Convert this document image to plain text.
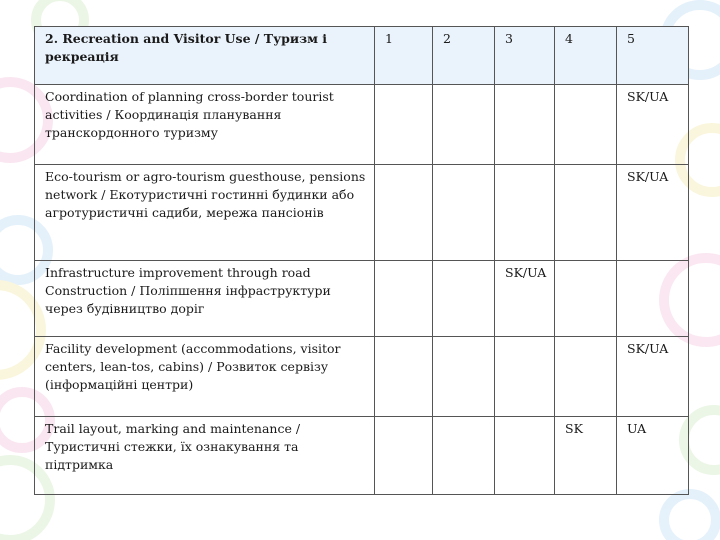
2. Recreation and Visitor Use / Туризм і рекреація	1	2	3	4	5
Coordination of planning cross-border tourist activities / Координація планування транскордонного туризму					SK/UA
Eco-tourism or agro-tourism guesthouse, pensions network / Екотуристичні гостинні будинки або агротуристичні садиби, мережа пансіонів					SK/UA
Infrastructure improvement through road Construction / Поліпшення інфраструктури через будівництво доріг			SK/UA		
Facility development (accommodations, visitor centers, lean-tos, cabins) / Розвиток сервізу (інформаційні центри)					SK/UA
Trail layout, marking and maintenance / Туристичні стежки, їх ознакування та підтримка				SK	UA
